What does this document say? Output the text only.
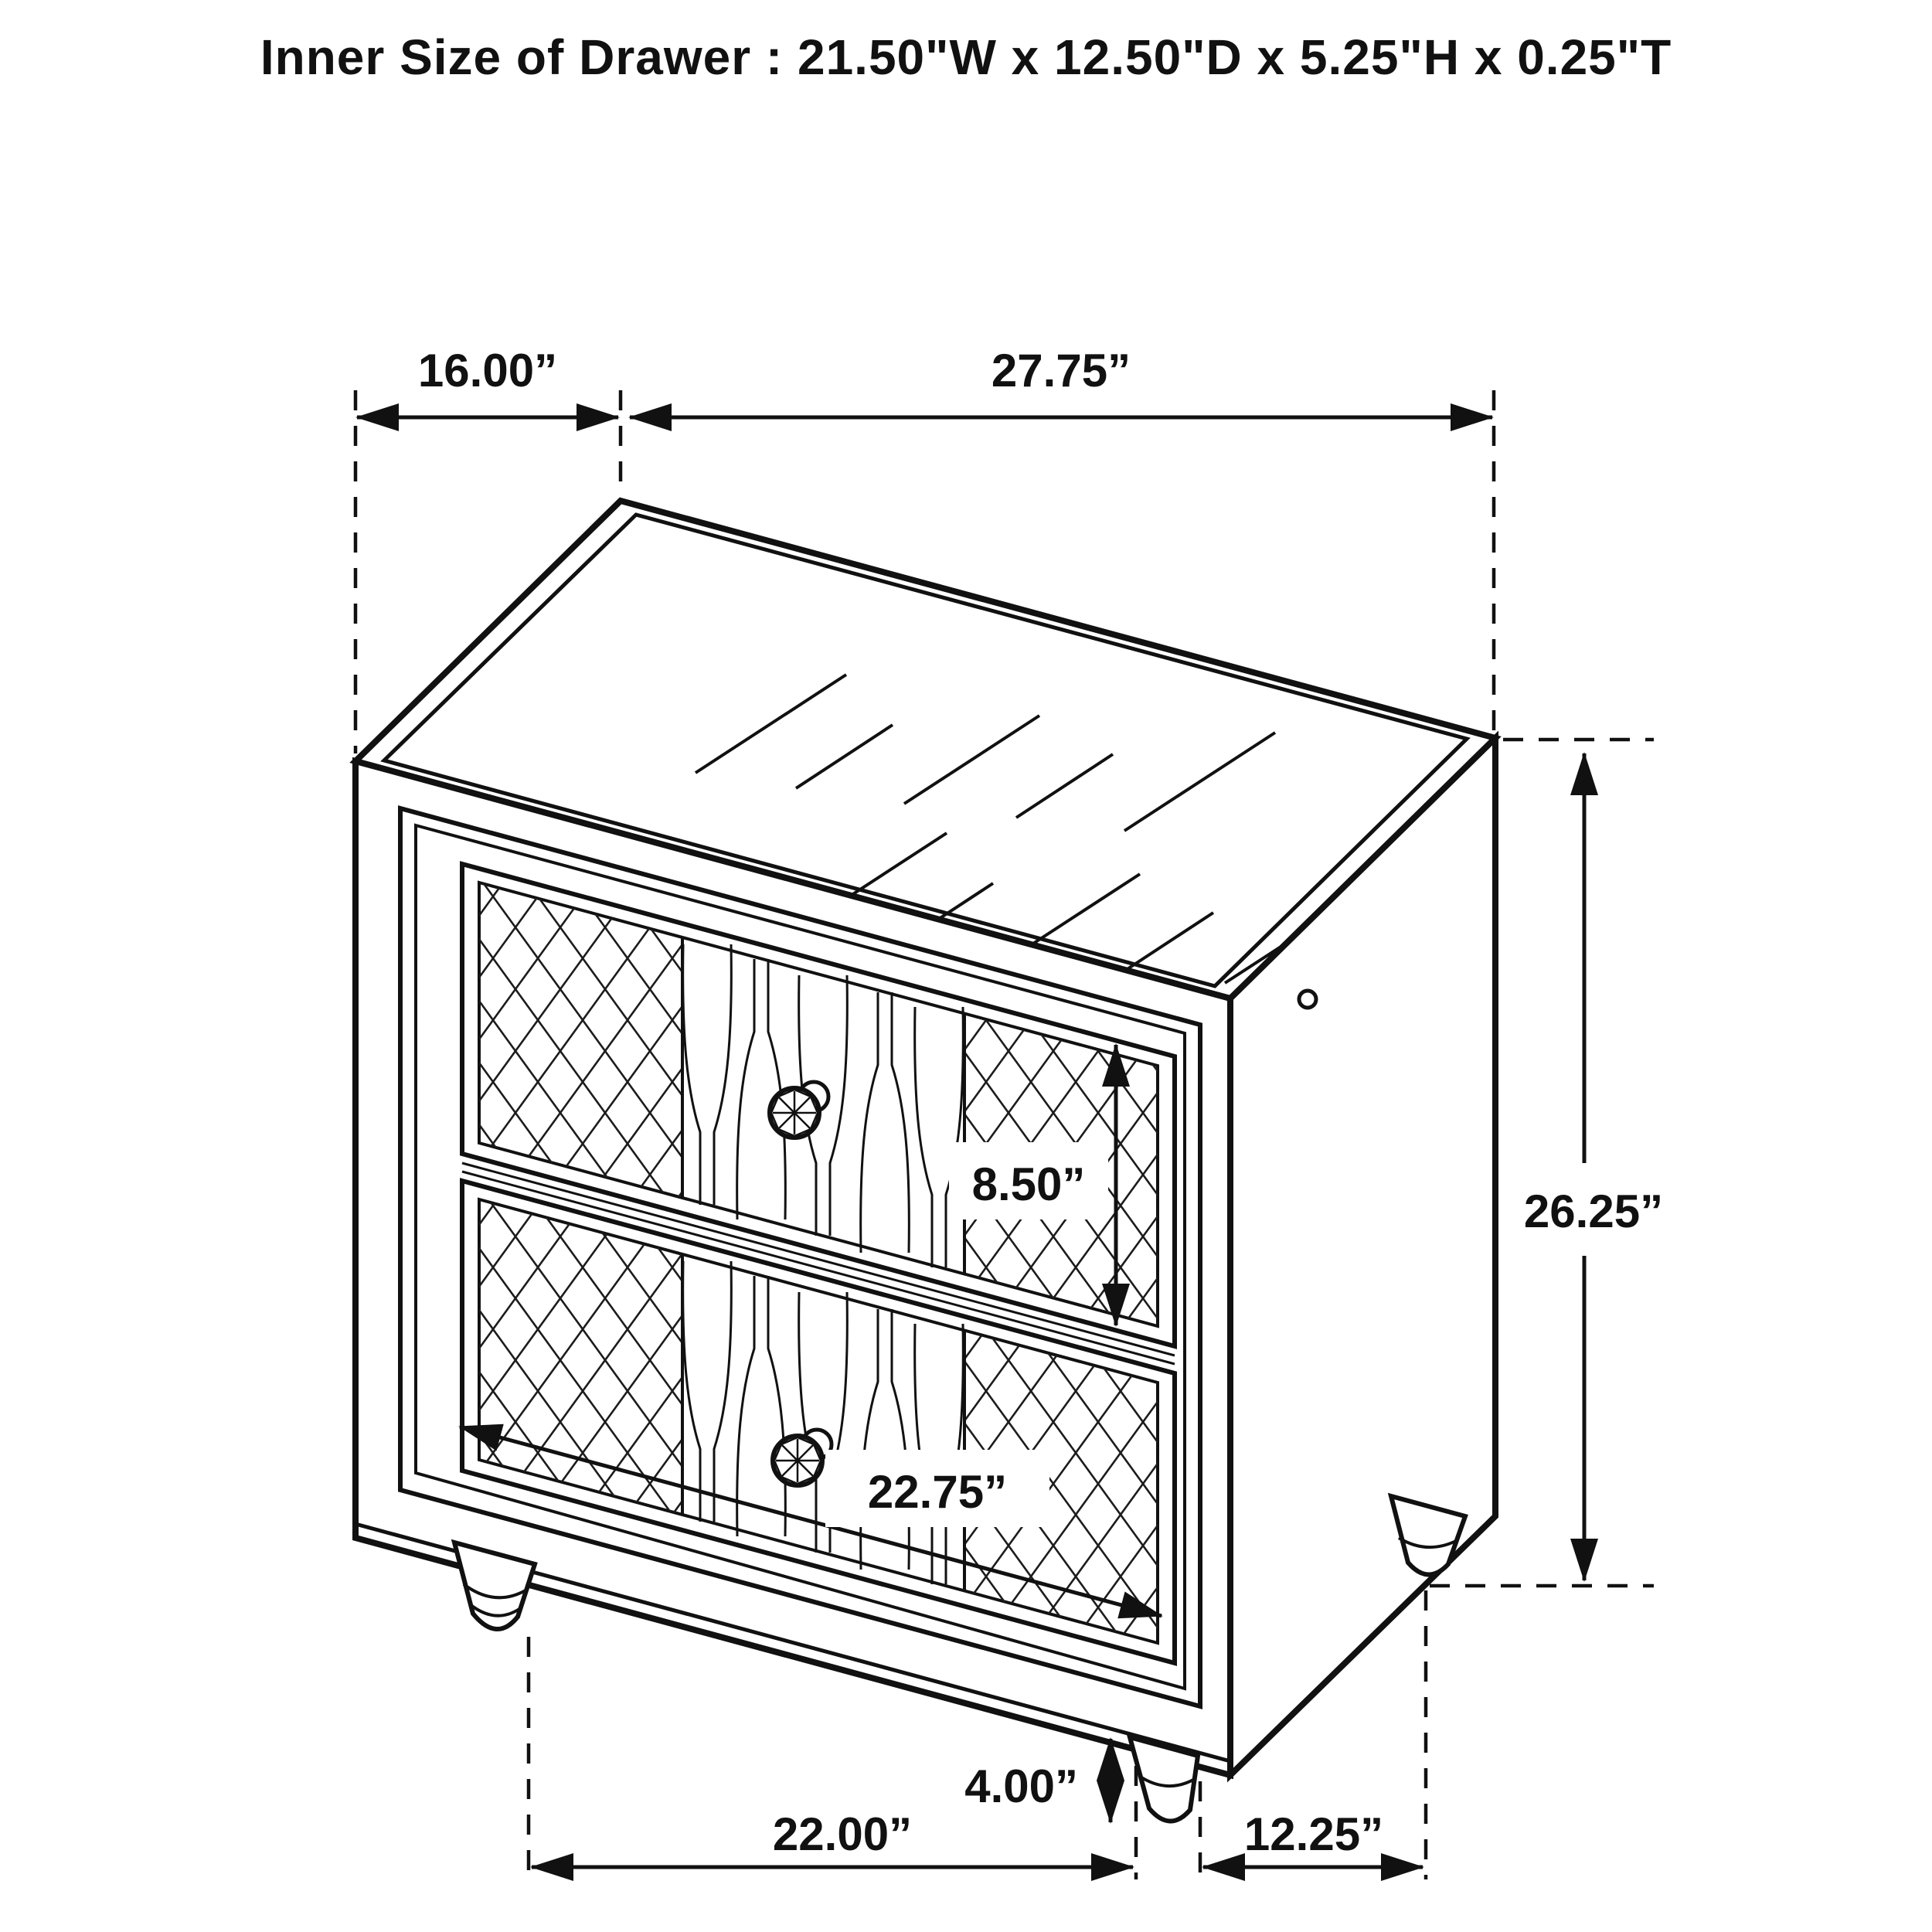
Inner Size of Drawer : 21.50"W x 12.50"D x 5.25"H x 0.25"T
16.00”	27.75”
26.25”
8.50”
22.75”
4.00”
22.00”	12.25”
